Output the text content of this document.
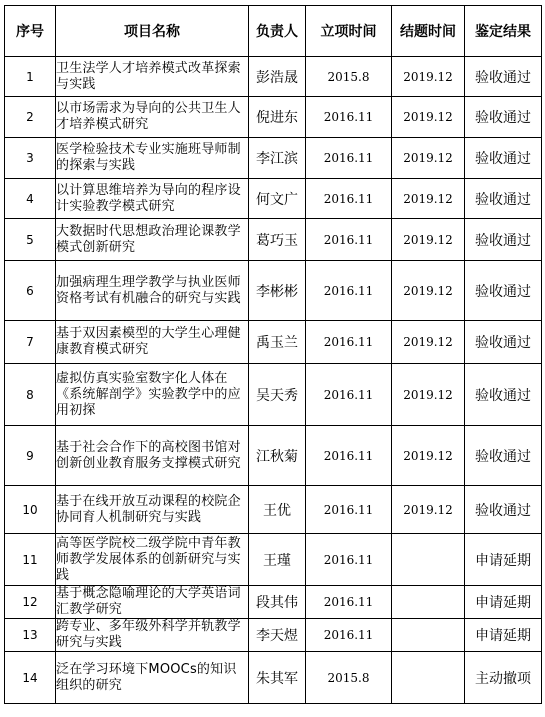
序号	项目名称	负责人	立项时间	结题时间	鉴定结果
1	卫生法学人才培养模式改革探索与实践	彭浩晟	2015.8	2019.12	验收通过
2	以市场需求为导向的公共卫生人才培养模式研究	倪进东	2016.11	2019.12	验收通过
3	医学检验技术专业实施班导师制的探索与实践	李江滨	2016.11	2019.12	验收通过
4	以计算思维培养为导向的程序设计实验教学模式研究	何文广	2016.11	2019.12	验收通过
5	大数据时代思想政治理论课教学模式创新研究	葛巧玉	2016.11	2019.12	验收通过
6	加强病理生理学教学与执业医师资格考试有机融合的研究与实践	李彬彬	2016.11	2019.12	验收通过
7	基于双因素模型的大学生心理健康教育模式研究	禹玉兰	2016.11	2019.12	验收通过
8	虚拟仿真实验室数字化人体在《系统解剖学》实验教学中的应用初探	吴天秀	2016.11	2019.12	验收通过
9	基于社会合作下的高校图书馆对创新创业教育服务支撑模式研究	江秋菊	2016.11	2019.12	验收通过
10	基于在线开放互动课程的校院企协同育人机制研究与实践	王优	2016.11	2019.12	验收通过
11	高等医学院校二级学院中青年教师教学发展体系的创新研究与实践	王瑾	2016.11		申请延期
12	基于概念隐喻理论的大学英语词汇教学研究	段其伟	2016.11		申请延期
13	跨专业、多年级外科学并轨教学研究与实践	李天煜	2016.11		申请延期
14	泛在学习环境下MOOCs的知识组织的研究	朱其军	2015.8		主动撤项
